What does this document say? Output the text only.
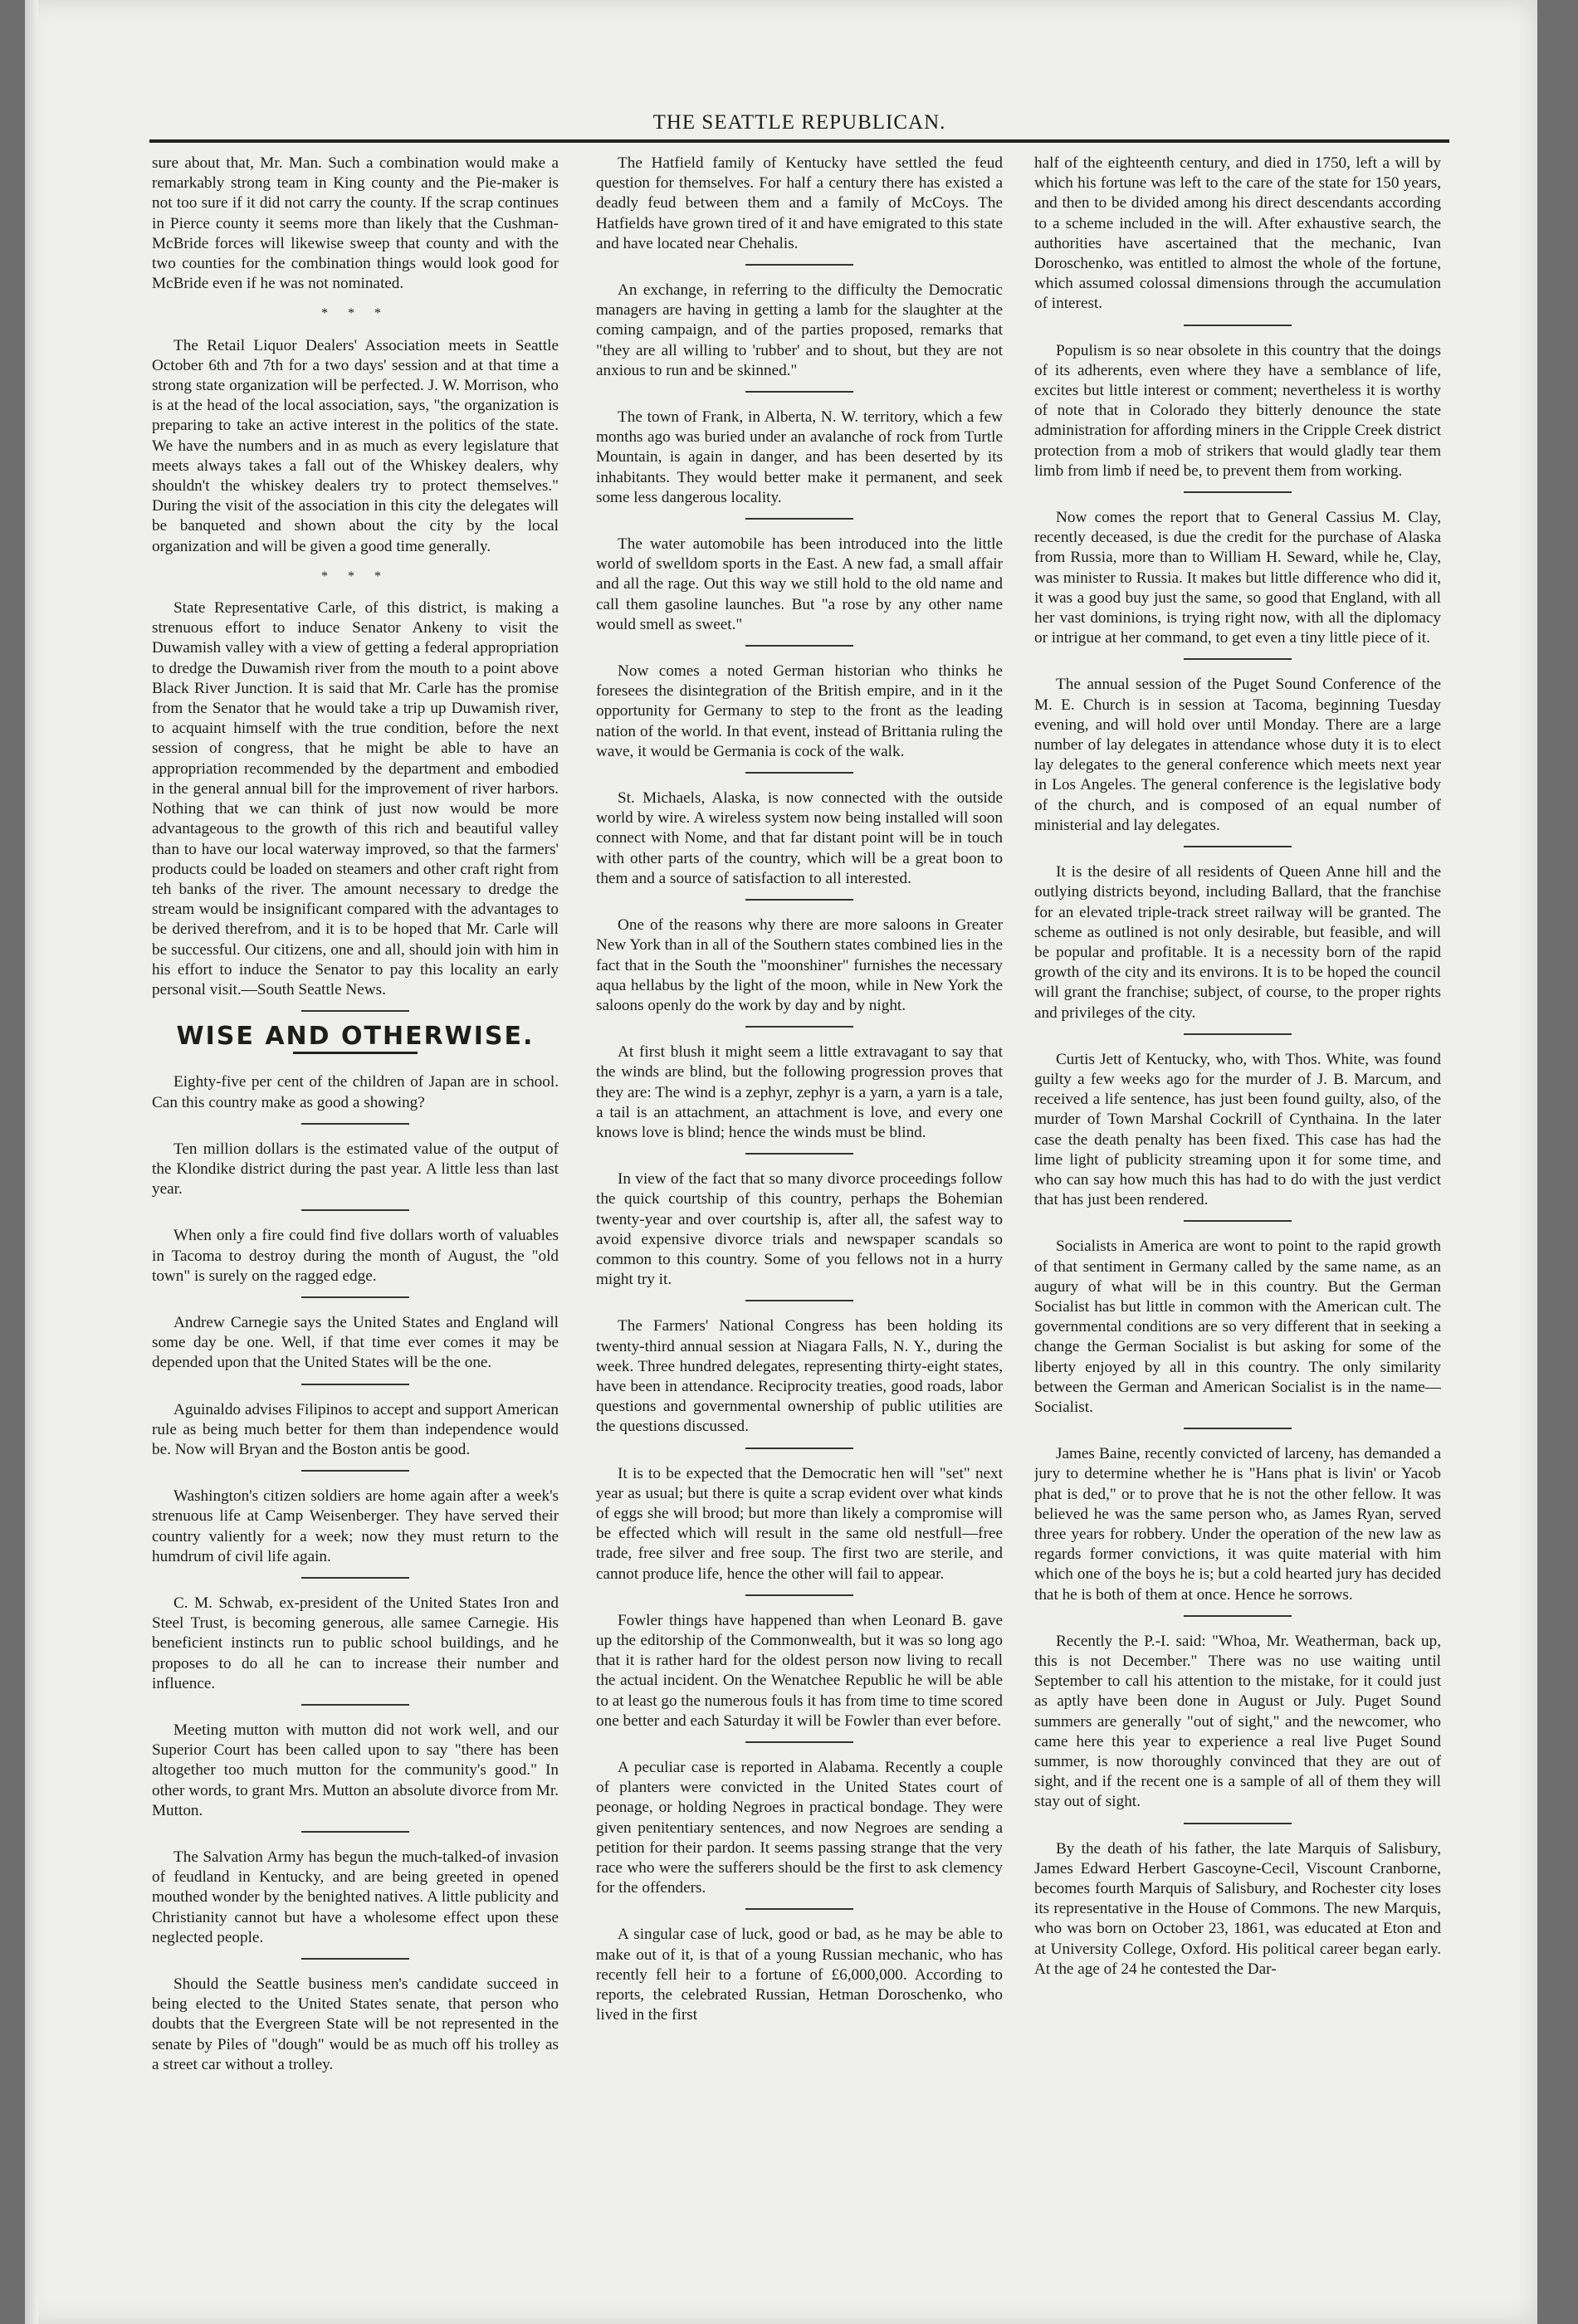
THE SEATTLE REPUBLICAN.

sure about that, Mr. Man. Such a combination would make a remarkably strong team in King county and the Pie-maker is not too sure if it did not carry the county. If the scrap continues in Pierce county it seems more than likely that the Cushman-McBride forces will likewise sweep that county and with the two counties for the combination things would look good for McBride even if he was not nominated.

* * *

The Retail Liquor Dealers' Association meets in Seattle October 6th and 7th for a two days' session and at that time a strong state organization will be perfected. J. W. Morrison, who is at the head of the local association, says, "the organization is preparing to take an active interest in the politics of the state. We have the numbers and in as much as every legislature that meets always takes a fall out of the Whiskey dealers, why shouldn't the whiskey dealers try to protect themselves." During the visit of the association in this city the delegates will be banqueted and shown about the city by the local organization and will be given a good time generally.

* * *

State Representative Carle, of this district, is making a strenuous effort to induce Senator Ankeny to visit the Duwamish valley with a view of getting a federal appropriation to dredge the Duwamish river from the mouth to a point above Black River Junction. It is said that Mr. Carle has the promise from the Senator that he would take a trip up Duwamish river, to acquaint himself with the true condition, before the next session of congress, that he might be able to have an appropriation recommended by the department and embodied in the general annual bill for the improvement of river harbors. Nothing that we can think of just now would be more advantageous to the growth of this rich and beautiful valley than to have our local waterway improved, so that the farmers' products could be loaded on steamers and other craft right from teh banks of the river. The amount necessary to dredge the stream would be insignificant compared with the advantages to be derived therefrom, and it is to be hoped that Mr. Carle will be successful. Our citizens, one and all, should join with him in his effort to induce the Senator to pay this locality an early personal visit.—South Seattle News.

WISE AND OTHERWISE.

Eighty-five per cent of the children of Japan are in school. Can this country make as good a showing?

Ten million dollars is the estimated value of the output of the Klondike district during the past year. A little less than last year.

When only a fire could find five dollars worth of valuables in Tacoma to destroy during the month of August, the "old town" is surely on the ragged edge.

Andrew Carnegie says the United States and England will some day be one. Well, if that time ever comes it may be depended upon that the United States will be the one.

Aguinaldo advises Filipinos to accept and support American rule as being much better for them than independence would be. Now will Bryan and the Boston antis be good.

Washington's citizen soldiers are home again after a week's strenuous life at Camp Weisenberger. They have served their country valiently for a week; now they must return to the humdrum of civil life again.

C. M. Schwab, ex-president of the United States Iron and Steel Trust, is becoming generous, alle samee Carnegie. His beneficient instincts run to public school buildings, and he proposes to do all he can to increase their number and influence.

Meeting mutton with mutton did not work well, and our Superior Court has been called upon to say "there has been altogether too much mutton for the community's good." In other words, to grant Mrs. Mutton an absolute divorce from Mr. Mutton.

The Salvation Army has begun the much-talked-of invasion of feudland in Kentucky, and are being greeted in opened mouthed wonder by the benighted natives. A little publicity and Christianity cannot but have a wholesome effect upon these neglected people.

Should the Seattle business men's candidate succeed in being elected to the United States senate, that person who doubts that the Evergreen State will be not represented in the senate by Piles of "dough" would be as much off his trolley as a street car without a trolley.

The Hatfield family of Kentucky have settled the feud question for themselves. For half a century there has existed a deadly feud between them and a family of McCoys. The Hatfields have grown tired of it and have emigrated to this state and have located near Chehalis.

An exchange, in referring to the difficulty the Democratic managers are having in getting a lamb for the slaughter at the coming campaign, and of the parties proposed, remarks that "they are all willing to 'rubber' and to shout, but they are not anxious to run and be skinned."

The town of Frank, in Alberta, N. W. territory, which a few months ago was buried under an avalanche of rock from Turtle Mountain, is again in danger, and has been deserted by its inhabitants. They would better make it permanent, and seek some less dangerous locality.

The water automobile has been introduced into the little world of swelldom sports in the East. A new fad, a small affair and all the rage. Out this way we still hold to the old name and call them gasoline launches. But "a rose by any other name would smell as sweet."

Now comes a noted German historian who thinks he foresees the disintegration of the British empire, and in it the opportunity for Germany to step to the front as the leading nation of the world. In that event, instead of Brittania ruling the wave, it would be Germania is cock of the walk.

St. Michaels, Alaska, is now connected with the outside world by wire. A wireless system now being installed will soon connect with Nome, and that far distant point will be in touch with other parts of the country, which will be a great boon to them and a source of satisfaction to all interested.

One of the reasons why there are more saloons in Greater New York than in all of the Southern states combined lies in the fact that in the South the "moonshiner" furnishes the necessary aqua hellabus by the light of the moon, while in New York the saloons openly do the work by day and by night.

At first blush it might seem a little extravagant to say that the winds are blind, but the following progression proves that they are: The wind is a zephyr, zephyr is a yarn, a yarn is a tale, a tail is an attachment, an attachment is love, and every one knows love is blind; hence the winds must be blind.

In view of the fact that so many divorce proceedings follow the quick courtship of this country, perhaps the Bohemian twenty-year and over courtship is, after all, the safest way to avoid expensive divorce trials and newspaper scandals so common to this country. Some of you fellows not in a hurry might try it.

The Farmers' National Congress has been holding its twenty-third annual session at Niagara Falls, N. Y., during the week. Three hundred delegates, representing thirty-eight states, have been in attendance. Reciprocity treaties, good roads, labor questions and governmental ownership of public utilities are the questions discussed.

It is to be expected that the Democratic hen will "set" next year as usual; but there is quite a scrap evident over what kinds of eggs she will brood; but more than likely a compromise will be effected which will result in the same old nestfull—free trade, free silver and free soup. The first two are sterile, and cannot produce life, hence the other will fail to appear.

Fowler things have happened than when Leonard B. gave up the editorship of the Commonwealth, but it was so long ago that it is rather hard for the oldest person now living to recall the actual incident. On the Wenatchee Republic he will be able to at least go the numerous fouls it has from time to time scored one better and each Saturday it will be Fowler than ever before.

A peculiar case is reported in Alabama. Recently a couple of planters were convicted in the United States court of peonage, or holding Negroes in practical bondage. They were given penitentiary sentences, and now Negroes are sending a petition for their pardon. It seems passing strange that the very race who were the sufferers should be the first to ask clemency for the offenders.

A singular case of luck, good or bad, as he may be able to make out of it, is that of a young Russian mechanic, who has recently fell heir to a fortune of £6,000,000. According to reports, the celebrated Russian, Hetman Doroschenko, who lived in the first

half of the eighteenth century, and died in 1750, left a will by which his fortune was left to the care of the state for 150 years, and then to be divided among his direct descendants according to a scheme included in the will. After exhaustive search, the authorities have ascertained that the mechanic, Ivan Doroschenko, was entitled to almost the whole of the fortune, which assumed colossal dimensions through the accumulation of interest.

Populism is so near obsolete in this country that the doings of its adherents, even where they have a semblance of life, excites but little interest or comment; nevertheless it is worthy of note that in Colorado they bitterly denounce the state administration for affording miners in the Cripple Creek district protection from a mob of strikers that would gladly tear them limb from limb if need be, to prevent them from working.

Now comes the report that to General Cassius M. Clay, recently deceased, is due the credit for the purchase of Alaska from Russia, more than to William H. Seward, while he, Clay, was minister to Russia. It makes but little difference who did it, it was a good buy just the same, so good that England, with all her vast dominions, is trying right now, with all the diplomacy or intrigue at her command, to get even a tiny little piece of it.

The annual session of the Puget Sound Conference of the M. E. Church is in session at Tacoma, beginning Tuesday evening, and will hold over until Monday. There are a large number of lay delegates in attendance whose duty it is to elect lay delegates to the general conference which meets next year in Los Angeles. The general conference is the legislative body of the church, and is composed of an equal number of ministerial and lay delegates.

It is the desire of all residents of Queen Anne hill and the outlying districts beyond, including Ballard, that the franchise for an elevated triple-track street railway will be granted. The scheme as outlined is not only desirable, but feasible, and will be popular and profitable. It is a necessity born of the rapid growth of the city and its environs. It is to be hoped the council will grant the franchise; subject, of course, to the proper rights and privileges of the city.

Curtis Jett of Kentucky, who, with Thos. White, was found guilty a few weeks ago for the murder of J. B. Marcum, and received a life sentence, has just been found guilty, also, of the murder of Town Marshal Cockrill of Cynthaina. In the later case the death penalty has been fixed. This case has had the lime light of publicity streaming upon it for some time, and who can say how much this has had to do with the just verdict that has just been rendered.

Socialists in America are wont to point to the rapid growth of that sentiment in Germany called by the same name, as an augury of what will be in this country. But the German Socialist has but little in common with the American cult. The governmental conditions are so very different that in seeking a change the German Socialist is but asking for some of the liberty enjoyed by all in this country. The only similarity between the German and American Socialist is in the name—Socialist.

James Baine, recently convicted of larceny, has demanded a jury to determine whether he is "Hans phat is livin' or Yacob phat is ded," or to prove that he is not the other fellow. It was believed he was the same person who, as James Ryan, served three years for robbery. Under the operation of the new law as regards former convictions, it was quite material with him which one of the boys he is; but a cold hearted jury has decided that he is both of them at once. Hence he sorrows.

Recently the P.-I. said: "Whoa, Mr. Weatherman, back up, this is not December." There was no use waiting until September to call his attention to the mistake, for it could just as aptly have been done in August or July. Puget Sound summers are generally "out of sight," and the newcomer, who came here this year to experience a real live Puget Sound summer, is now thoroughly convinced that they are out of sight, and if the recent one is a sample of all of them they will stay out of sight.

By the death of his father, the late Marquis of Salisbury, James Edward Herbert Gascoyne-Cecil, Viscount Cranborne, becomes fourth Marquis of Salisbury, and Rochester city loses its representative in the House of Commons. The new Marquis, who was born on October 23, 1861, was educated at Eton and at University College, Oxford. His political career began early. At the age of 24 he contested the Dar-
